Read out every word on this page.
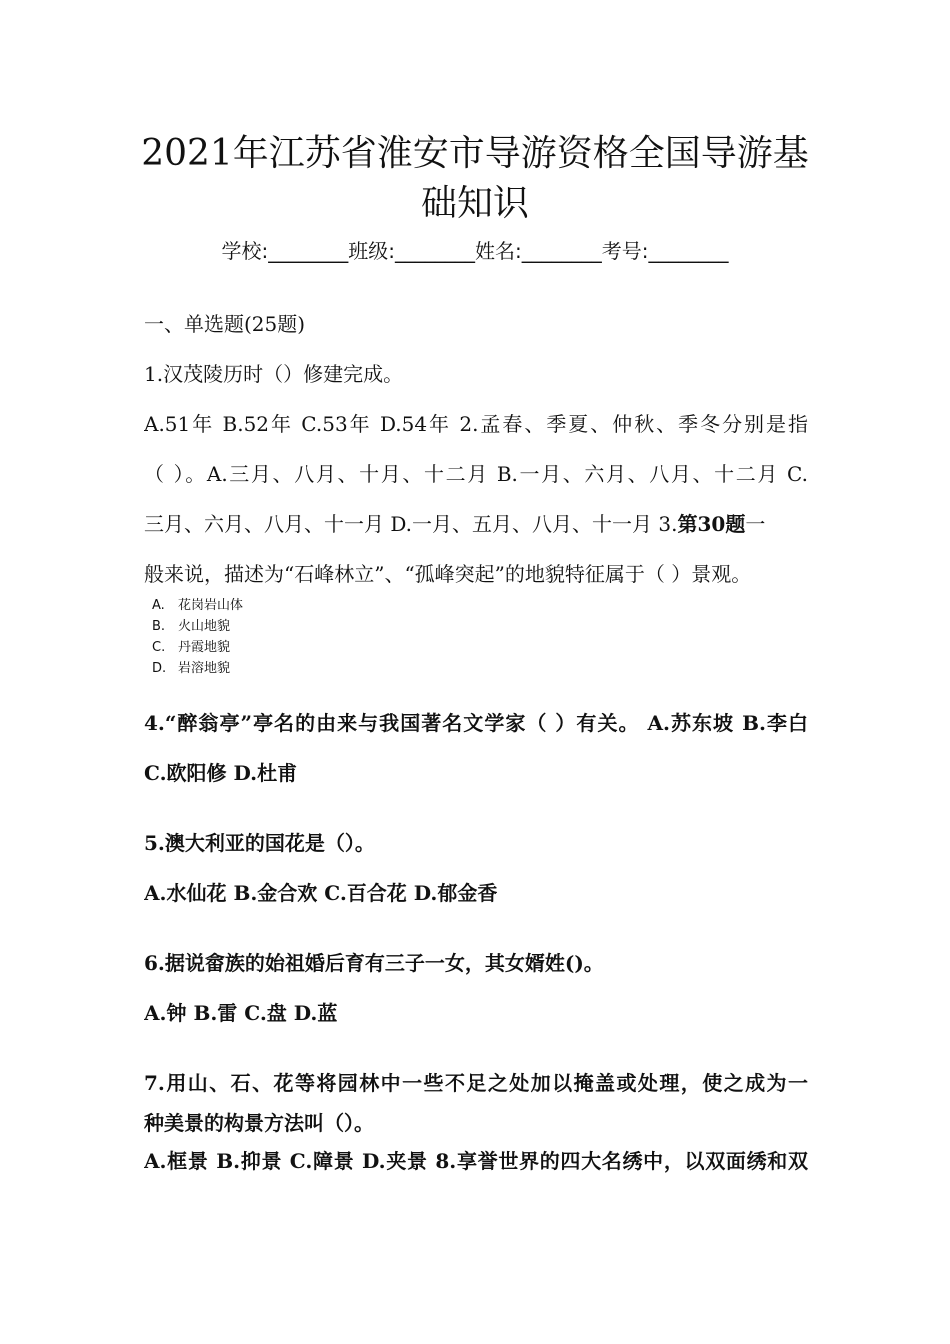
2021年江苏省淮安市导游资格全国导游基
础知识
学校:________班级:________姓名:________考号:________
一、单选题(25题)
1.汉茂陵历时（）修建完成。
A.51年 B.52年 C.53年 D.54年 2.孟春、季夏、仲秋、季冬分别是指
（ ）。A.三月、八月、十月、十二月 B.一月、六月、八月、十二月 C.
三月、六月、八月、十一月 D.一月、五月、八月、十一月 3.第30题一
般来说，描述为“石峰林立”、“孤峰突起”的地貌特征属于（ ）景观。
A. 花岗岩山体
B. 火山地貌
C. 丹霞地貌
D. 岩溶地貌
4.“醉翁亭”亭名的由来与我国著名文学家（ ）有关。 A.苏东坡 B.李白
C.欧阳修 D.杜甫
5.澳大利亚的国花是（）。
A.水仙花 B.金合欢 C.百合花 D.郁金香
6.据说畲族的始祖婚后育有三子一女，其女婿姓()。
A.钟 B.雷 C.盘 D.蓝
7.用山、石、花等将园林中一些不足之处加以掩盖或处理，使之成为一
种美景的构景方法叫（）。
A.框景 B.抑景 C.障景 D.夹景 8.享誉世界的四大名绣中，以双面绣和双
